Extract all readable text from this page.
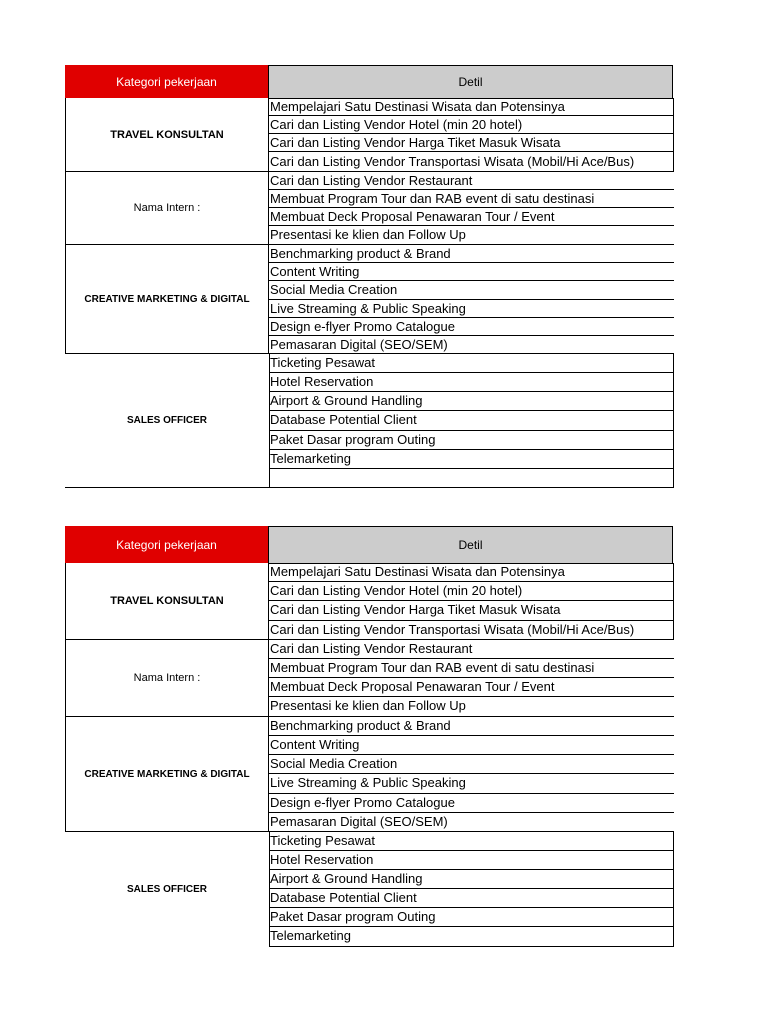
Kategori pekerjaan	Detil
TRAVEL KONSULTAN
Nama Intern :
CREATIVE MARKETING & DIGITAL
SALES OFFICER
Mempelajari Satu Destinasi Wisata dan Potensinya
Cari dan Listing Vendor Hotel (min 20 hotel)
Cari dan Listing Vendor Harga Tiket Masuk Wisata
Cari dan Listing Vendor Transportasi Wisata (Mobil/Hi Ace/Bus)
Cari dan Listing Vendor Restaurant
Membuat Program Tour dan RAB event di satu destinasi
Membuat Deck Proposal Penawaran Tour / Event
Presentasi ke klien dan Follow Up
Benchmarking product & Brand
Content Writing
Social Media Creation
Live Streaming & Public Speaking
Design e-flyer Promo Catalogue
Pemasaran Digital (SEO/SEM)
Ticketing Pesawat
Hotel Reservation
Airport & Ground Handling
Database Potential Client
Paket Dasar program Outing
Telemarketing
Kategori pekerjaan	Detil
TRAVEL KONSULTAN
Nama Intern :
CREATIVE MARKETING & DIGITAL
SALES OFFICER
Mempelajari Satu Destinasi Wisata dan Potensinya
Cari dan Listing Vendor Hotel (min 20 hotel)
Cari dan Listing Vendor Harga Tiket Masuk Wisata
Cari dan Listing Vendor Transportasi Wisata (Mobil/Hi Ace/Bus)
Cari dan Listing Vendor Restaurant
Membuat Program Tour dan RAB event di satu destinasi
Membuat Deck Proposal Penawaran Tour / Event
Presentasi ke klien dan Follow Up
Benchmarking product & Brand
Content Writing
Social Media Creation
Live Streaming & Public Speaking
Design e-flyer Promo Catalogue
Pemasaran Digital (SEO/SEM)
Ticketing Pesawat
Hotel Reservation
Airport & Ground Handling
Database Potential Client
Paket Dasar program Outing
Telemarketing
